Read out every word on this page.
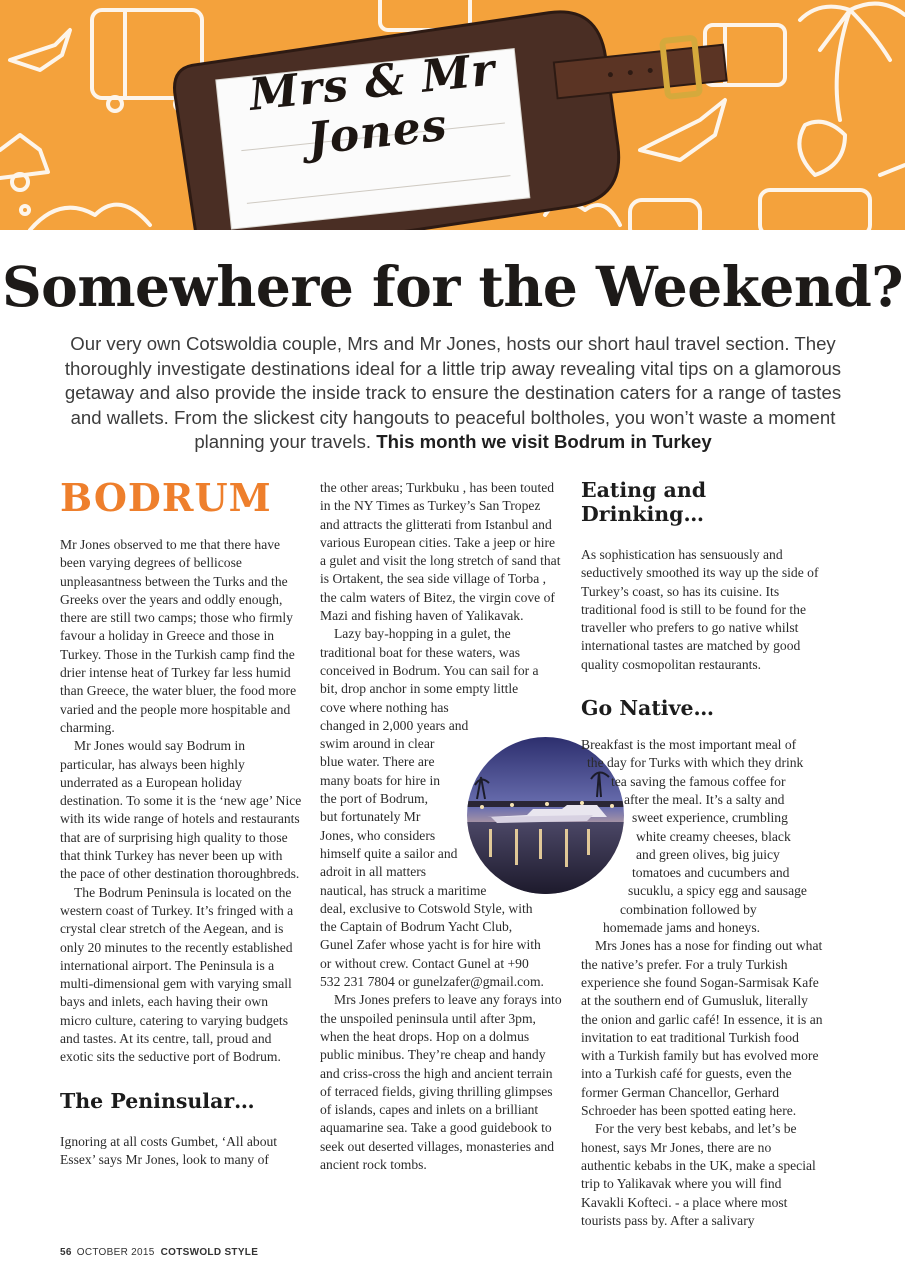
Mrs & Mr Jones
Somewhere for the Weekend?
Our very own Cotswoldia couple, Mrs and Mr Jones, hosts our short haul travel section. They thoroughly investigate destinations ideal for a little trip away revealing vital tips on a glamorous getaway and also provide the inside track to ensure the destination caters for a range of tastes and wallets. From the slickest city hangouts to peaceful boltholes, you won’t waste a moment planning your travels. This month we visit Bodrum in Turkey
BODRUM

Mr Jones observed to me that there have been varying degrees of bellicose unpleasantness between the Turks and the Greeks over the years and oddly enough, there are still two camps; those who firmly favour a holiday in Greece and those in Turkey. Those in the Turkish camp find the drier intense heat of Turkey far less humid than Greece, the water bluer, the food more varied and the people more hospitable and charming.

Mr Jones would say Bodrum in particular, has always been highly underrated as a European holiday destination. To some it is the ‘new age’ Nice with its wide range of hotels and restaurants that are of surprising high quality to those that think Turkey has never been up with the pace of other destination thoroughbreds.

The Bodrum Peninsula is located on the western coast of Turkey. It’s fringed with a crystal clear stretch of the Aegean, and is only 20 minutes to the recently established international airport. The Peninsula is a multi-dimensional gem with varying small bays and inlets, each having their own micro culture, catering to varying budgets and tastes. At its centre, tall, proud and exotic sits the seductive port of Bodrum.

The Peninsular…

Ignoring at all costs Gumbet, ‘All about Essex’ says Mr Jones, look to many of

the other areas; Turkbuku , has been touted in the NY Times as Turkey’s San Tropez and attracts the glitterati from Istanbul and various European cities. Take a jeep or hire a gulet and visit the long stretch of sand that is Ortakent, the sea side village of Torba , the calm waters of Bitez, the virgin cove of Mazi and fishing haven of Yalikavak.

Lazy bay-hopping in a gulet, the
traditional boat for these waters, was
conceived in Bodrum. You can sail for a
bit, drop anchor in some empty little
cove where nothing has
changed in 2,000 years and
swim around in clear
blue water. There are
many boats for hire in
the port of Bodrum,
but fortunately Mr
Jones, who considers
himself quite a sailor and
adroit in all matters
nautical, has struck a maritime
deal, exclusive to Cotswold Style, with
the Captain of Bodrum Yacht Club,
Gunel Zafer whose yacht is for hire with
or without crew. Contact Gunel at +90
532 231 7804 or gunelzafer@gmail.com.

Mrs Jones prefers to leave any forays into the unspoiled peninsula until after 3pm, when the heat drops. Hop on a dolmus public minibus. They’re cheap and handy and criss-cross the high and ancient terrain of terraced fields, giving thrilling glimpses of islands, capes and inlets on a brilliant aquamarine sea. Take a good guidebook to seek out deserted villages, monasteries and ancient rock tombs.

Eating and Drinking…

As sophistication has sensuously and seductively smoothed its way up the side of Turkey’s coast, so has its cuisine. Its traditional food is still to be found for the traveller who prefers to go native whilst international tastes are matched by good quality cosmopolitan restaurants.

Go Native…
Breakfast is the most important meal of
the day for Turks with which they drink
tea saving the famous coffee for
after the meal. It’s a salty and
sweet experience, crumbling
white creamy cheeses, black
and green olives, big juicy
tomatoes and cucumbers and
sucuklu, a spicy egg and sausage
combination followed by
homemade jams and honeys.

Mrs Jones has a nose for finding out what the native’s prefer. For a truly Turkish experience she found Sogan-Sarmisak Kafe at the southern end of Gumusluk, literally the onion and garlic café! In essence, it is an invitation to eat traditional Turkish food with a Turkish family but has evolved more into a Turkish café for guests, even the former German Chancellor, Gerhard Schroeder has been spotted eating here.

For the very best kebabs, and let’s be honest, says Mr Jones, there are no authentic kebabs in the UK, make a special trip to Yalikavak where you will find Kavakli Kofteci. - a place where most tourists pass by. After a salivary

56 OCTOBER 2015 COTSWOLD STYLE
